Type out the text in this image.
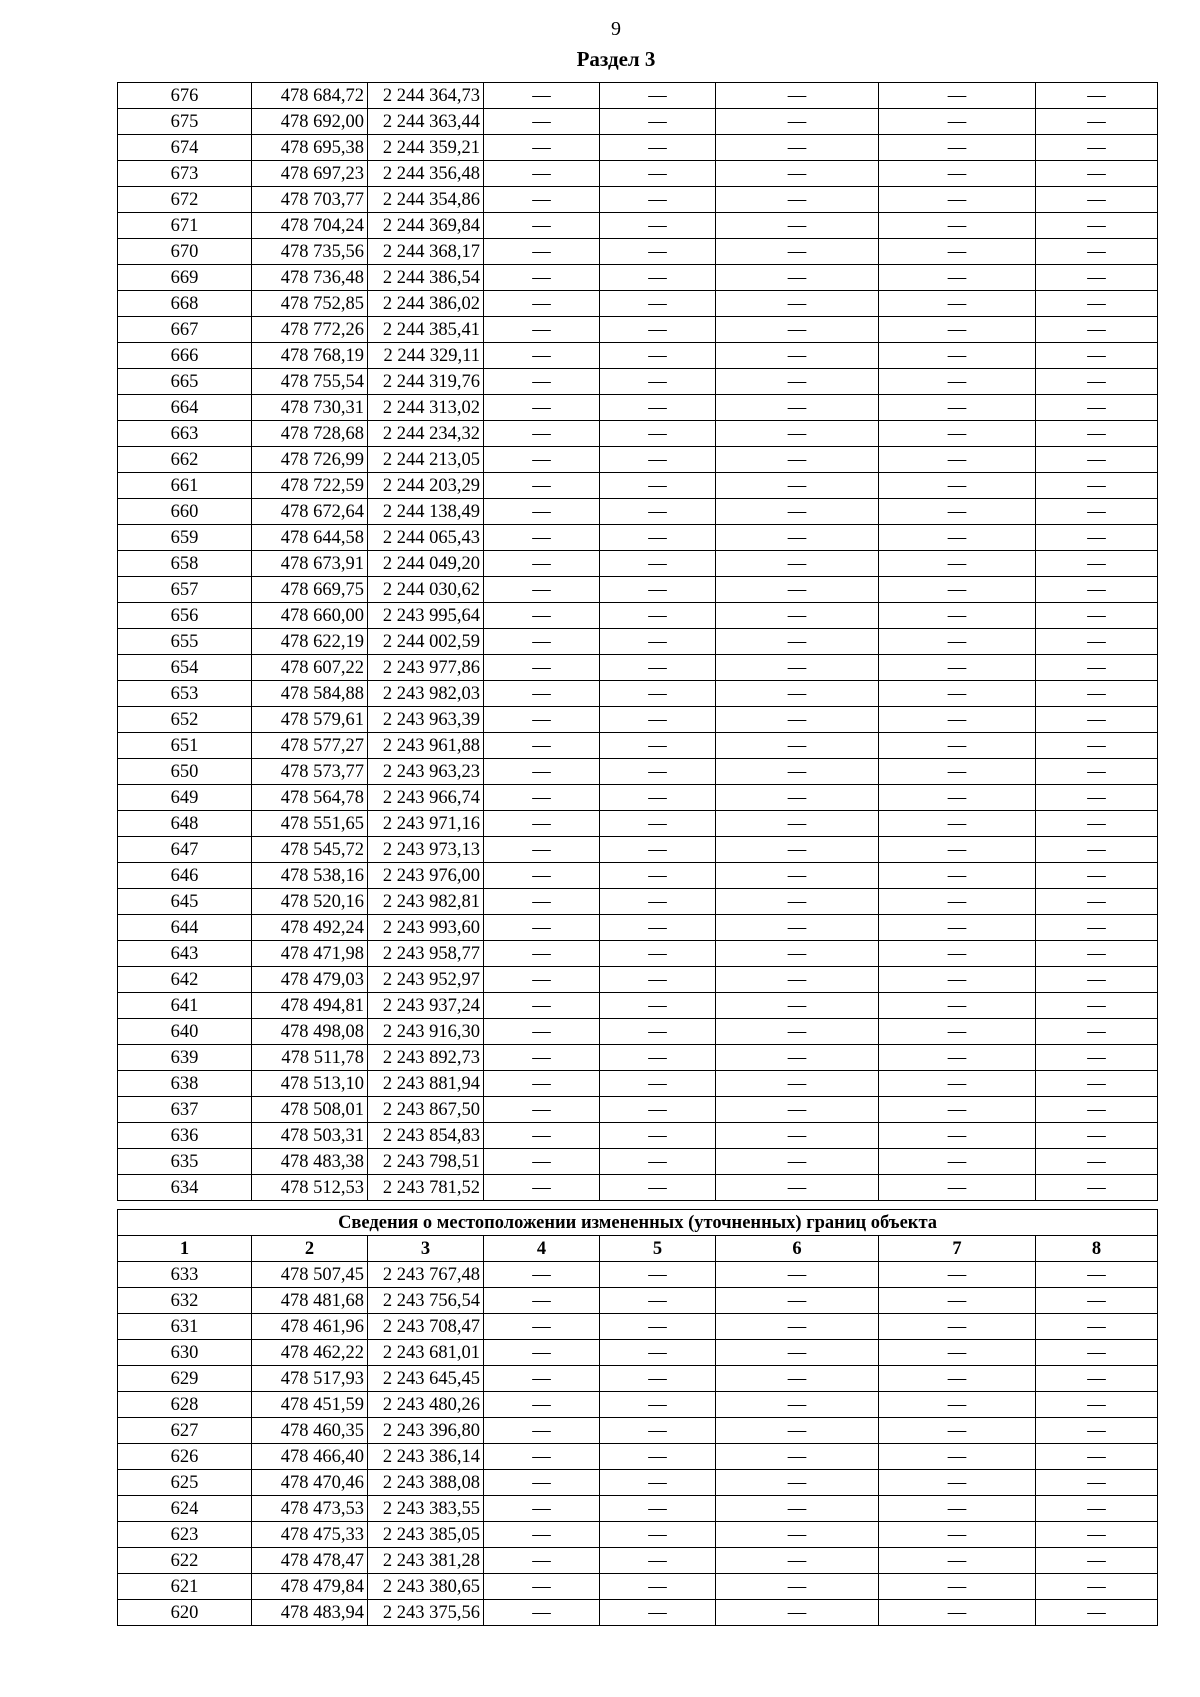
9
Раздел 3
676	478 684,72	2 244 364,73	—	—	—	—	—
675	478 692,00	2 244 363,44	—	—	—	—	—
674	478 695,38	2 244 359,21	—	—	—	—	—
673	478 697,23	2 244 356,48	—	—	—	—	—
672	478 703,77	2 244 354,86	—	—	—	—	—
671	478 704,24	2 244 369,84	—	—	—	—	—
670	478 735,56	2 244 368,17	—	—	—	—	—
669	478 736,48	2 244 386,54	—	—	—	—	—
668	478 752,85	2 244 386,02	—	—	—	—	—
667	478 772,26	2 244 385,41	—	—	—	—	—
666	478 768,19	2 244 329,11	—	—	—	—	—
665	478 755,54	2 244 319,76	—	—	—	—	—
664	478 730,31	2 244 313,02	—	—	—	—	—
663	478 728,68	2 244 234,32	—	—	—	—	—
662	478 726,99	2 244 213,05	—	—	—	—	—
661	478 722,59	2 244 203,29	—	—	—	—	—
660	478 672,64	2 244 138,49	—	—	—	—	—
659	478 644,58	2 244 065,43	—	—	—	—	—
658	478 673,91	2 244 049,20	—	—	—	—	—
657	478 669,75	2 244 030,62	—	—	—	—	—
656	478 660,00	2 243 995,64	—	—	—	—	—
655	478 622,19	2 244 002,59	—	—	—	—	—
654	478 607,22	2 243 977,86	—	—	—	—	—
653	478 584,88	2 243 982,03	—	—	—	—	—
652	478 579,61	2 243 963,39	—	—	—	—	—
651	478 577,27	2 243 961,88	—	—	—	—	—
650	478 573,77	2 243 963,23	—	—	—	—	—
649	478 564,78	2 243 966,74	—	—	—	—	—
648	478 551,65	2 243 971,16	—	—	—	—	—
647	478 545,72	2 243 973,13	—	—	—	—	—
646	478 538,16	2 243 976,00	—	—	—	—	—
645	478 520,16	2 243 982,81	—	—	—	—	—
644	478 492,24	2 243 993,60	—	—	—	—	—
643	478 471,98	2 243 958,77	—	—	—	—	—
642	478 479,03	2 243 952,97	—	—	—	—	—
641	478 494,81	2 243 937,24	—	—	—	—	—
640	478 498,08	2 243 916,30	—	—	—	—	—
639	478 511,78	2 243 892,73	—	—	—	—	—
638	478 513,10	2 243 881,94	—	—	—	—	—
637	478 508,01	2 243 867,50	—	—	—	—	—
636	478 503,31	2 243 854,83	—	—	—	—	—
635	478 483,38	2 243 798,51	—	—	—	—	—
634	478 512,53	2 243 781,52	—	—	—	—	—
Сведения о местоположении измененных (уточненных) границ объекта							
1	2	3	4	5	6	7	8
633	478 507,45	2 243 767,48	—	—	—	—	—
632	478 481,68	2 243 756,54	—	—	—	—	—
631	478 461,96	2 243 708,47	—	—	—	—	—
630	478 462,22	2 243 681,01	—	—	—	—	—
629	478 517,93	2 243 645,45	—	—	—	—	—
628	478 451,59	2 243 480,26	—	—	—	—	—
627	478 460,35	2 243 396,80	—	—	—	—	—
626	478 466,40	2 243 386,14	—	—	—	—	—
625	478 470,46	2 243 388,08	—	—	—	—	—
624	478 473,53	2 243 383,55	—	—	—	—	—
623	478 475,33	2 243 385,05	—	—	—	—	—
622	478 478,47	2 243 381,28	—	—	—	—	—
621	478 479,84	2 243 380,65	—	—	—	—	—
620	478 483,94	2 243 375,56	—	—	—	—	—
